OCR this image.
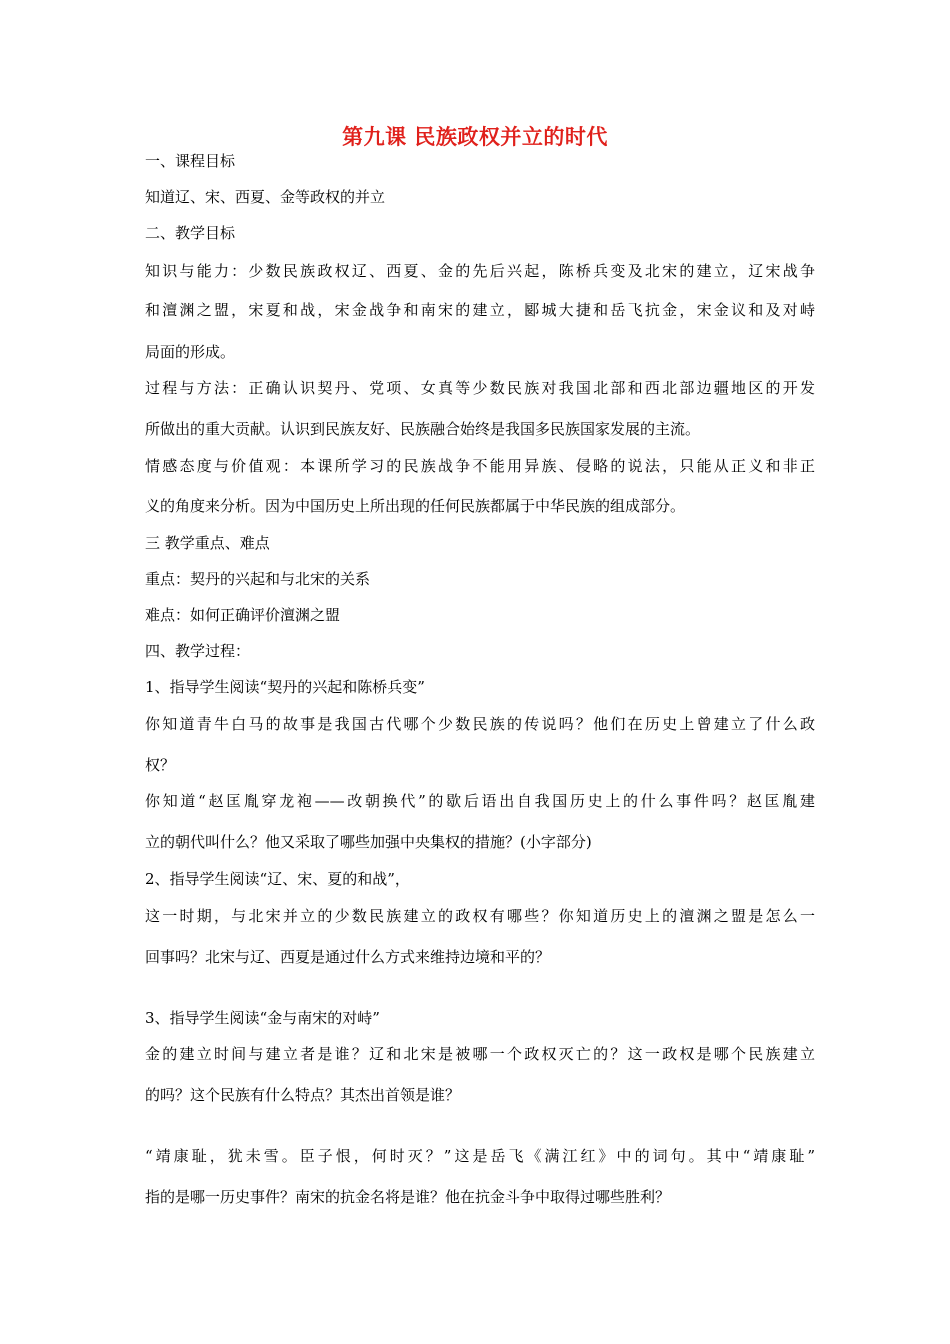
第九课 民族政权并立的时代
一、课程目标
知道辽、宋、西夏、金等政权的并立
二、教学目标
知识与能力：少数民族政权辽、西夏、金的先后兴起，陈桥兵变及北宋的建立，辽宋战争
和澶渊之盟，宋夏和战，宋金战争和南宋的建立，郾城大捷和岳飞抗金，宋金议和及对峙
局面的形成。
过程与方法：正确认识契丹、党项、女真等少数民族对我国北部和西北部边疆地区的开发
所做出的重大贡献。认识到民族友好、民族融合始终是我国多民族国家发展的主流。
情感态度与价值观：本课所学习的民族战争不能用异族、侵略的说法，只能从正义和非正
义的角度来分析。因为中国历史上所出现的任何民族都属于中华民族的组成部分。
三 教学重点、难点
重点：契丹的兴起和与北宋的关系
难点：如何正确评价澶渊之盟
四、教学过程：
1、指导学生阅读“契丹的兴起和陈桥兵变”
你知道青牛白马的故事是我国古代哪个少数民族的传说吗？他们在历史上曾建立了什么政
权？
你知道“赵匡胤穿龙袍——改朝换代”的歇后语出自我国历史上的什么事件吗？赵匡胤建
立的朝代叫什么？他又采取了哪些加强中央集权的措施？(小字部分)
2、指导学生阅读“辽、宋、夏的和战”，
这一时期，与北宋并立的少数民族建立的政权有哪些？你知道历史上的澶渊之盟是怎么一
回事吗？北宋与辽、西夏是通过什么方式来维持边境和平的？
3、指导学生阅读“金与南宋的对峙”
金的建立时间与建立者是谁？辽和北宋是被哪一个政权灭亡的？这一政权是哪个民族建立
的吗？这个民族有什么特点？其杰出首领是谁？
“靖康耻，犹未雪。臣子恨，何时灭？”这是岳飞《满江红》中的词句。其中“靖康耻”
指的是哪一历史事件？南宋的抗金名将是谁？他在抗金斗争中取得过哪些胜利？
